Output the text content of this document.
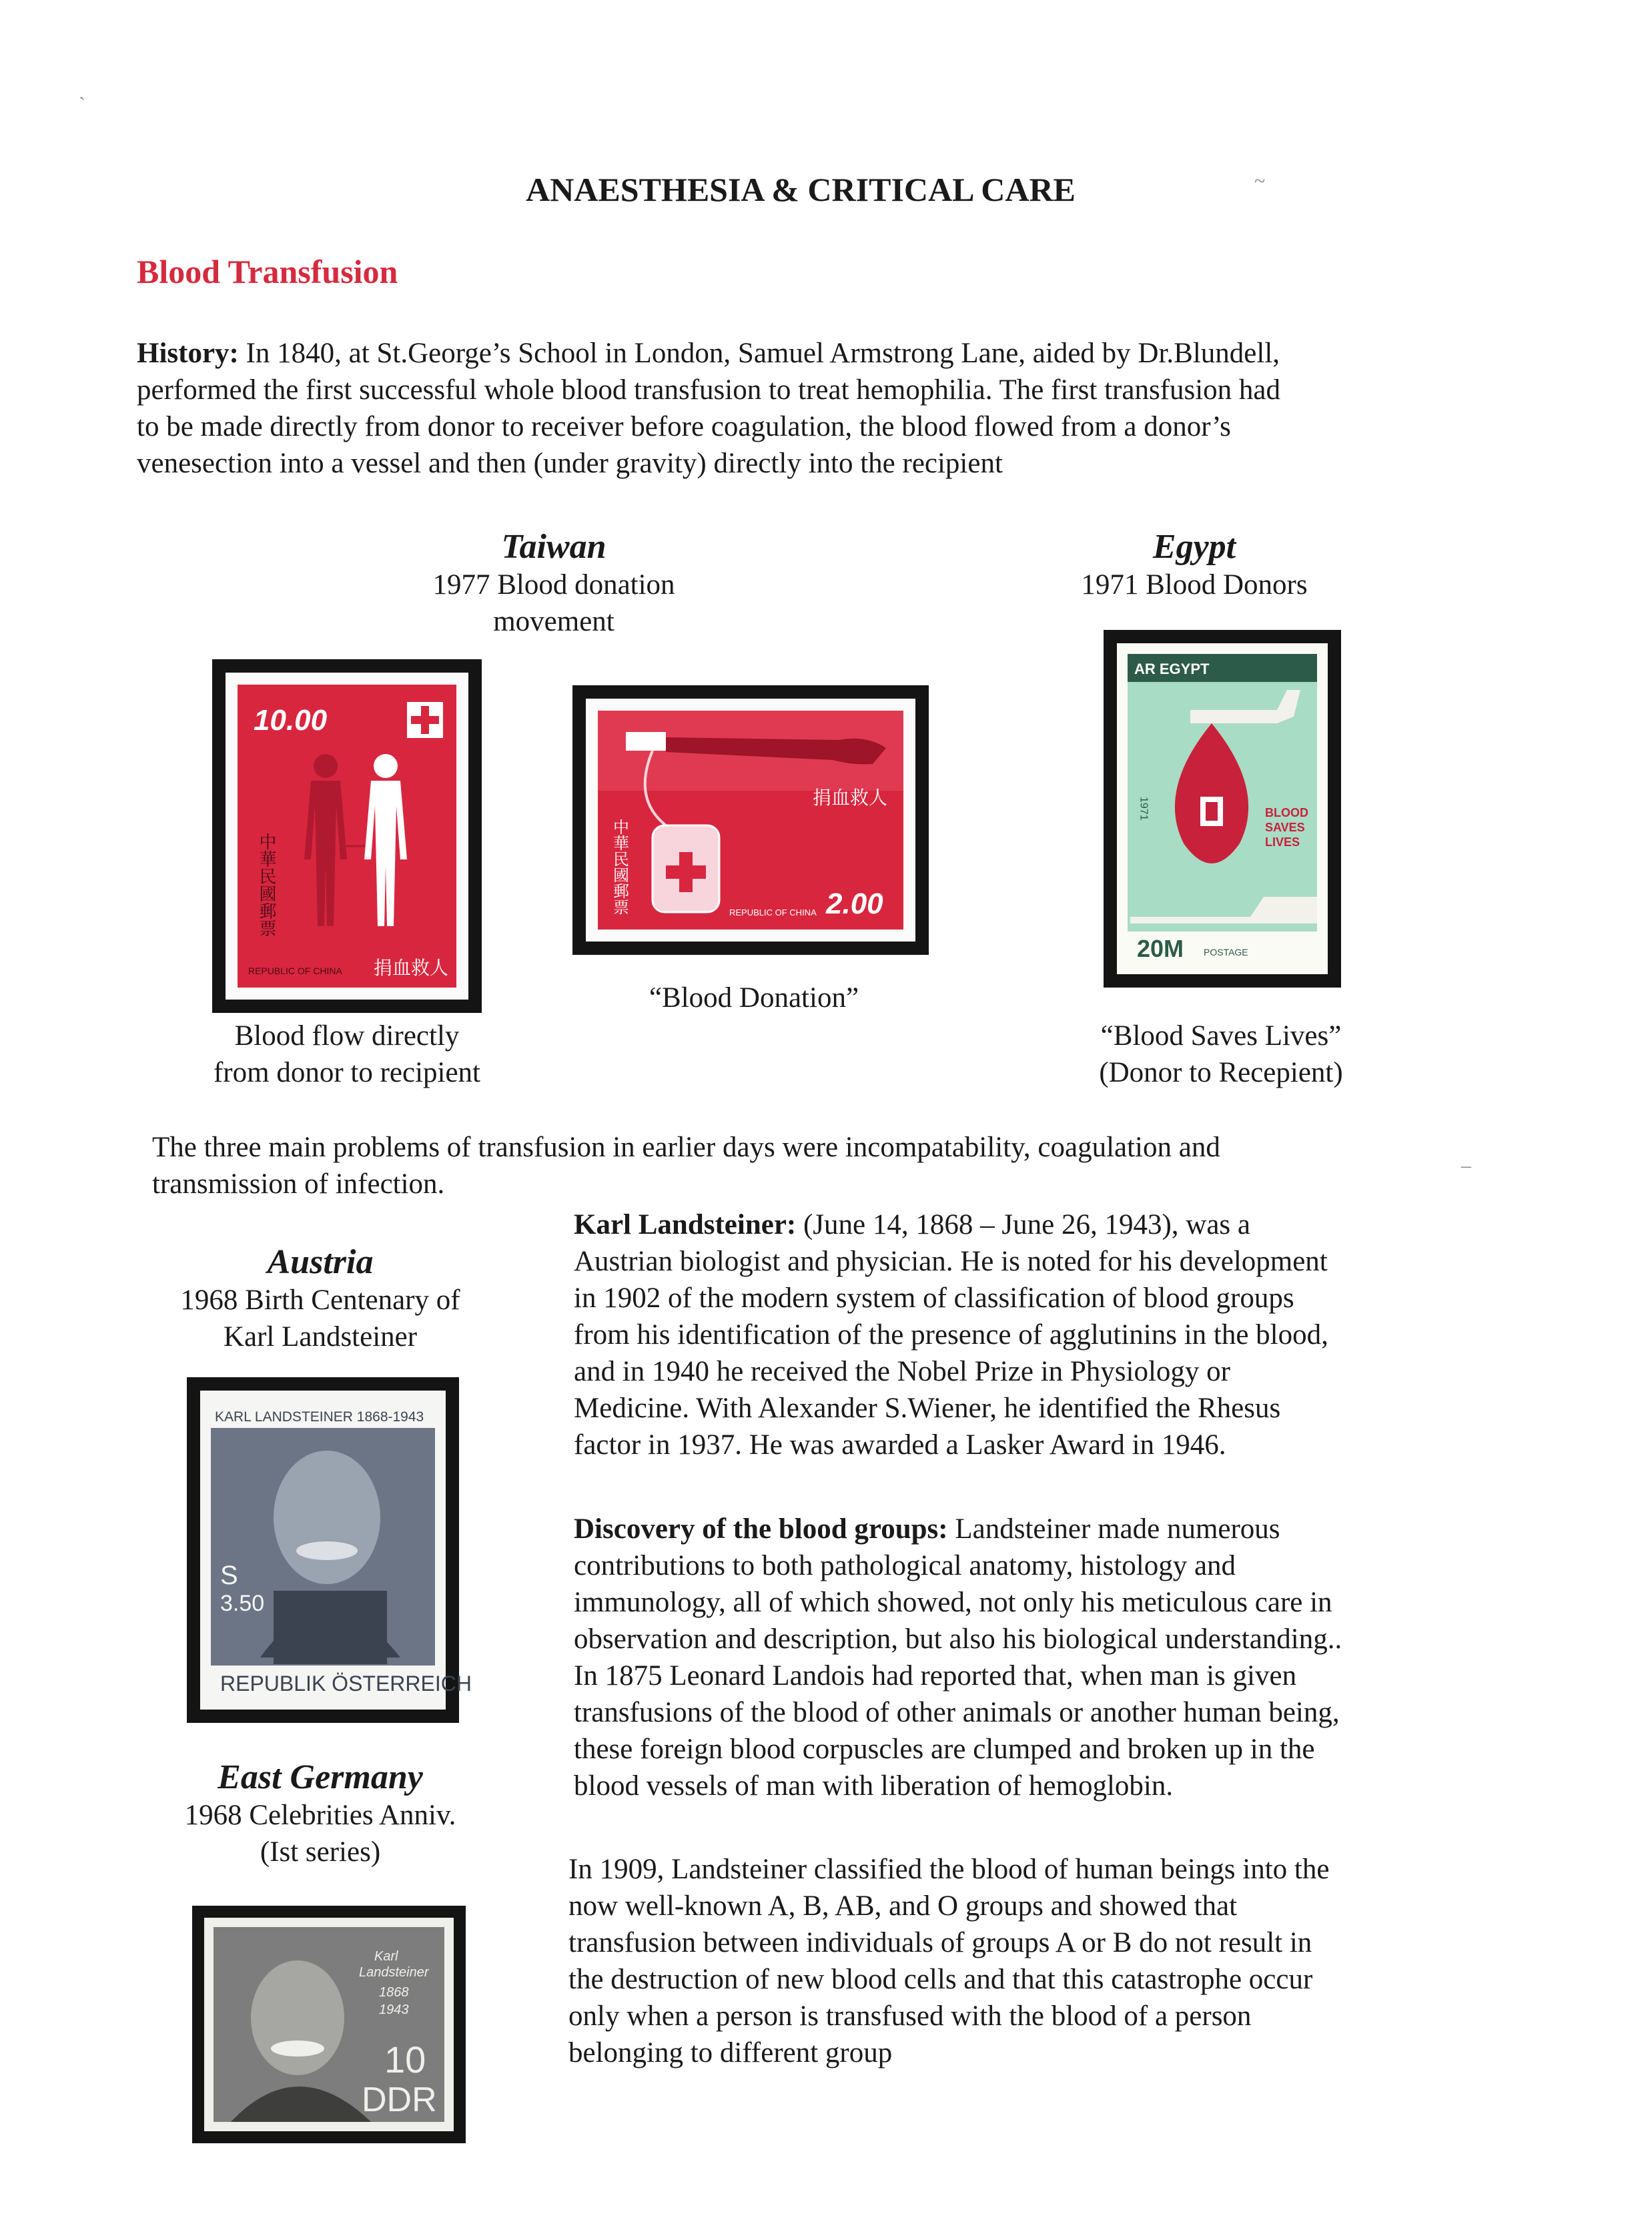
ANAESTHESIA & CRITICAL CARE
Blood Transfusion
History: In 1840, at St.George’s School in London, Samuel Armstrong Lane, aided by Dr.Blundell,
performed the first successful whole blood transfusion to treat hemophilia. The first transfusion had
to be made directly from donor to receiver before coagulation, the blood flowed from a donor’s
venesection into a vessel and then (under gravity) directly into the recipient
Taiwan
1977 Blood donation
movement
Egypt
1971 Blood Donors
10.00
中華民國郵票
REPUBLIC OF CHINA 捐血救人
中華民國郵票
捐血救人
REPUBLIC OF CHINA 2.00
AR EGYPT
1971	BLOOD
SAVES
LIVES
20M POSTAGE
Blood flow directly
from donor to recipient
“Blood Donation”
“Blood Saves Lives”
(Donor to Recepient)
The three main problems of transfusion in earlier days were incompatability, coagulation and
transmission of infection.
Austria
1968 Birth Centenary of
Karl Landsteiner
KARL LANDSTEINER 1868-1943
S
3.50
REPUBLIK ÖSTERREICH
East Germany
1968 Celebrities Anniv.
(Ist series)
Karl
Landsteiner
1868
1943
10
DDR
Karl Landsteiner: (June 14, 1868 – June 26, 1943), was a
Austrian biologist and physician. He is noted for his development
in 1902 of the modern system of classification of blood groups
from his identification of the presence of agglutinins in the blood,
and in 1940 he received the Nobel Prize in Physiology or
Medicine. With Alexander S.Wiener, he identified the Rhesus
factor in 1937. He was awarded a Lasker Award in 1946.
Discovery of the blood groups: Landsteiner made numerous
contributions to both pathological anatomy, histology and
immunology, all of which showed, not only his meticulous care in
observation and description, but also his biological understanding..
In 1875 Leonard Landois had reported that, when man is given
transfusions of the blood of other animals or another human being,
these foreign blood corpuscles are clumped and broken up in the
blood vessels of man with liberation of hemoglobin.
In 1909, Landsteiner classified the blood of human beings into the
now well-known A, B, AB, and O groups and showed that
transfusion between individuals of groups A or B do not result in
the destruction of new blood cells and that this catastrophe occur
only when a person is transfused with the blood of a person
belonging to different group
`
~
_
